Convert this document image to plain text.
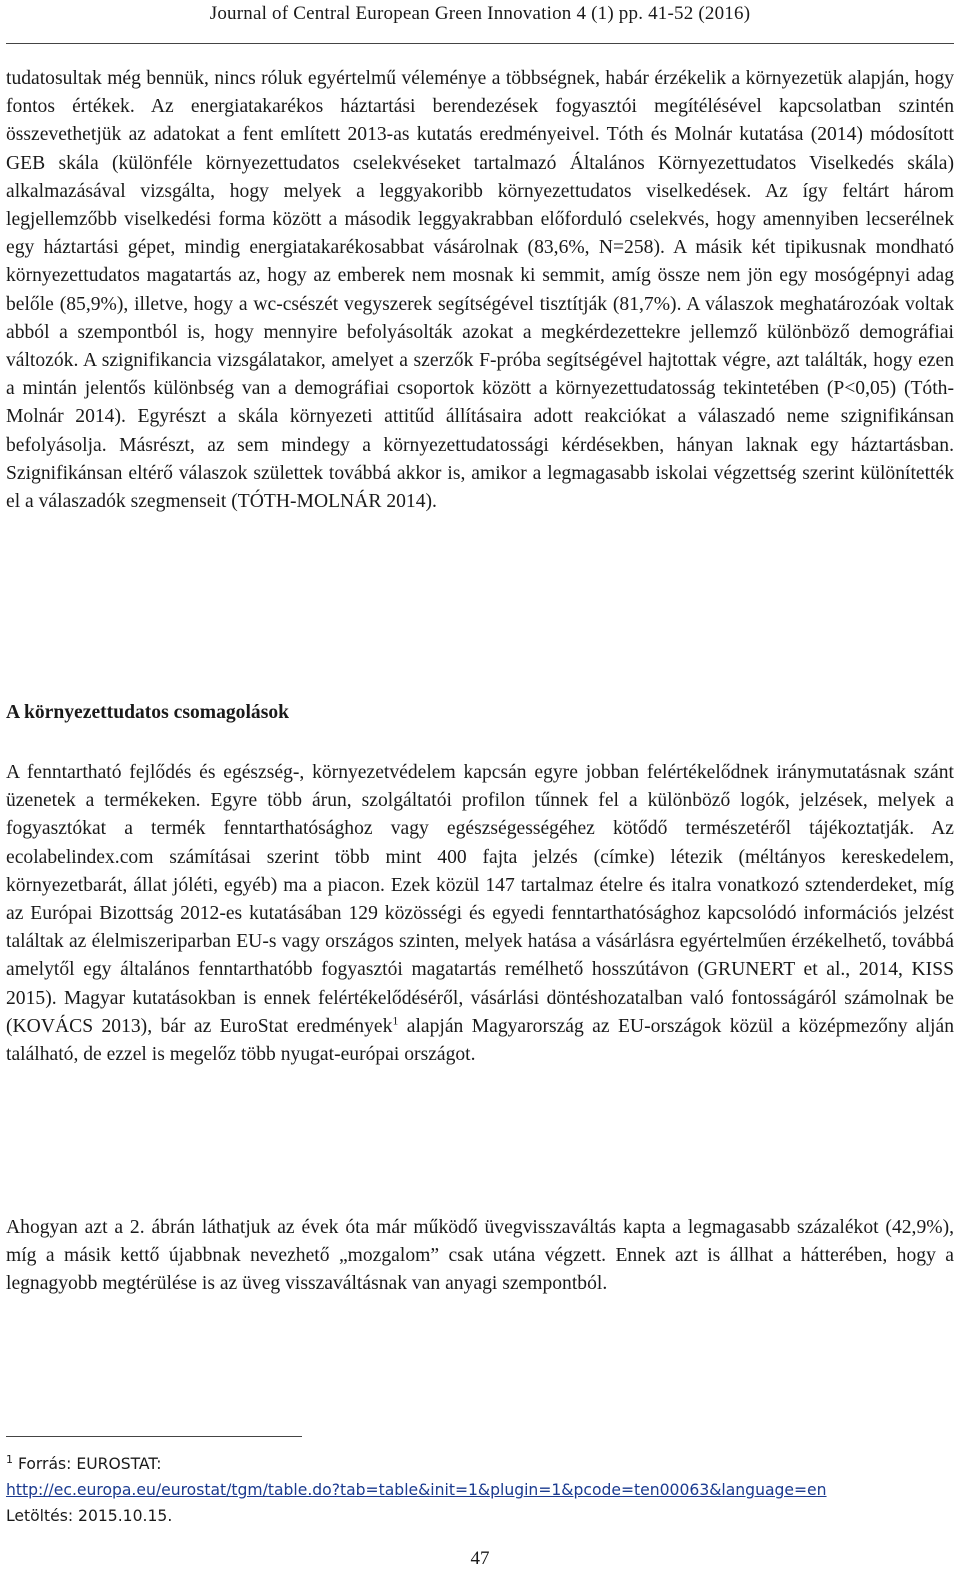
Journal of Central European Green Innovation 4 (1) pp. 41-52 (2016)

tudatosultak még bennük, nincs róluk egyértelmű véleménye a többségnek, habár érzékelik a környezetük alapján, hogy fontos értékek. Az energiatakarékos háztartási berendezések fogyasztói megítélésével kapcsolatban szintén összevethetjük az adatokat a fent említett 2013-as kutatás eredményeivel. Tóth és Molnár kutatása (2014) módosított GEB skála (különféle környezettudatos cselekvéseket tartalmazó Általános Környezettudatos Viselkedés skála) alkalmazásával vizsgálta, hogy melyek a leggyakoribb környezettudatos viselkedések. Az így feltárt három legjellemzőbb viselkedési forma között a második leggyakrabban előforduló cselekvés, hogy amennyiben lecserélnek egy háztartási gépet, mindig energiatakarékosabbat vásárolnak (83,6%, N=258). A másik két tipikusnak mondható környezettudatos magatartás az, hogy az emberek nem mosnak ki semmit, amíg össze nem jön egy mosógépnyi adag belőle (85,9%), illetve, hogy a wc-csészét vegyszerek segítségével tisztítják (81,7%). A válaszok meghatározóak voltak abból a szempontból is, hogy mennyire befolyásolták azokat a megkérdezettekre jellemző különböző demográfiai változók. A szignifikancia vizsgálatakor, amelyet a szerzők F-próba segítségével hajtottak végre, azt találták, hogy ezen a mintán jelentős különbség van a demográfiai csoportok között a környezettudatosság tekintetében (P<0,05) (Tóth-Molnár 2014). Egyrészt a skála környezeti attitűd állításaira adott reakciókat a válaszadó neme szignifikánsan befolyásolja. Másrészt, az sem mindegy a környezettudatossági kérdésekben, hányan laknak egy háztartásban. Szignifikánsan eltérő válaszok születtek továbbá akkor is, amikor a legmagasabb iskolai végzettség szerint különítették el a válaszadók szegmenseit (TÓTH-MOLNÁR 2014).

A környezettudatos csomagolások

A fenntartható fejlődés és egészség-, környezetvédelem kapcsán egyre jobban felértékelődnek iránymutatásnak szánt üzenetek a termékeken. Egyre több árun, szolgáltatói profilon tűnnek fel a különböző logók, jelzések, melyek a fogyasztókat a termék fenntarthatósághoz vagy egészségességéhez kötődő természetéről tájékoztatják. Az ecolabelindex.com számításai szerint több mint 400 fajta jelzés (címke) létezik (méltányos kereskedelem, környezetbarát, állat jóléti, egyéb) ma a piacon. Ezek közül 147 tartalmaz ételre és italra vonatkozó sztenderdeket, míg az Európai Bizottság 2012-es kutatásában 129 közösségi és egyedi fenntarthatósághoz kapcsolódó információs jelzést találtak az élelmiszeriparban EU-s vagy országos szinten, melyek hatása a vásárlásra egyértelműen érzékelhető, továbbá amelytől egy általános fenntarthatóbb fogyasztói magatartás remélhető hosszútávon (GRUNERT et al., 2014, KISS 2015). Magyar kutatásokban is ennek felértékelődéséről, vásárlási döntéshozatalban való fontosságáról számolnak be (KOVÁCS 2013), bár az EuroStat eredmények$^1$ alapján Magyarország az EU-országok közül a középmezőny alján található, de ezzel is megelőz több nyugat-európai országot.

Ahogyan azt a 2. ábrán láthatjuk az évek óta már működő üvegvisszaváltás kapta a legmagasabb százalékot (42,9%), míg a másik kettő újabbnak nevezhető „mozgalom” csak utána végzett. Ennek azt is állhat a hátterében, hogy a legnagyobb megtérülése is az üveg visszaváltásnak van anyagi szempontból.

$^1$ Forrás: EUROSTAT:
http://ec.europa.eu/eurostat/tgm/table.do?tab=table&init=1&plugin=1&pcode=ten00063&language=en
Letöltés: 2015.10.15.
47
